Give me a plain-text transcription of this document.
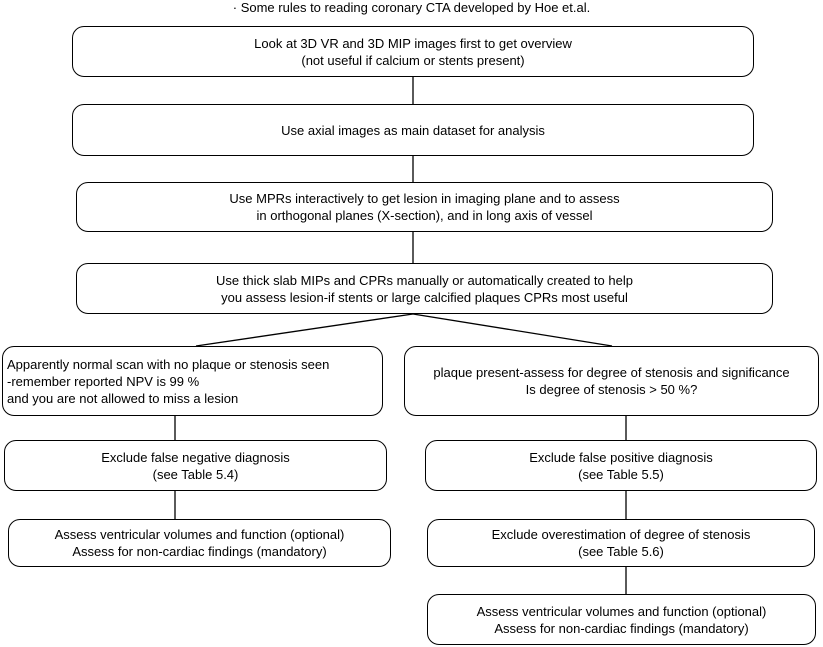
· Some rules to reading coronary CTA developed by Hoe et.al.
Look at 3D VR and 3D MIP images first to get overview
(not useful if calcium or stents present)
Use axial images as main dataset for analysis
Use MPRs interactively to get lesion in imaging plane and to assess
in orthogonal planes (X-section), and in long axis of vessel
Use thick slab MIPs and CPRs manually or automatically created to help
you assess lesion-if stents or large calcified plaques CPRs most useful
Apparently normal scan with no plaque or stenosis seen
-remember reported NPV is 99 %
and you are not allowed to miss a lesion
plaque present-assess for degree of stenosis and significance
Is degree of stenosis > 50 %?
Exclude false negative diagnosis
(see Table 5.4)
Exclude false positive diagnosis
(see Table 5.5)
Assess ventricular volumes and function (optional)
Assess for non-cardiac findings (mandatory)
Exclude overestimation of degree of stenosis
(see Table 5.6)
Assess ventricular volumes and function (optional)
Assess for non-cardiac findings (mandatory)
